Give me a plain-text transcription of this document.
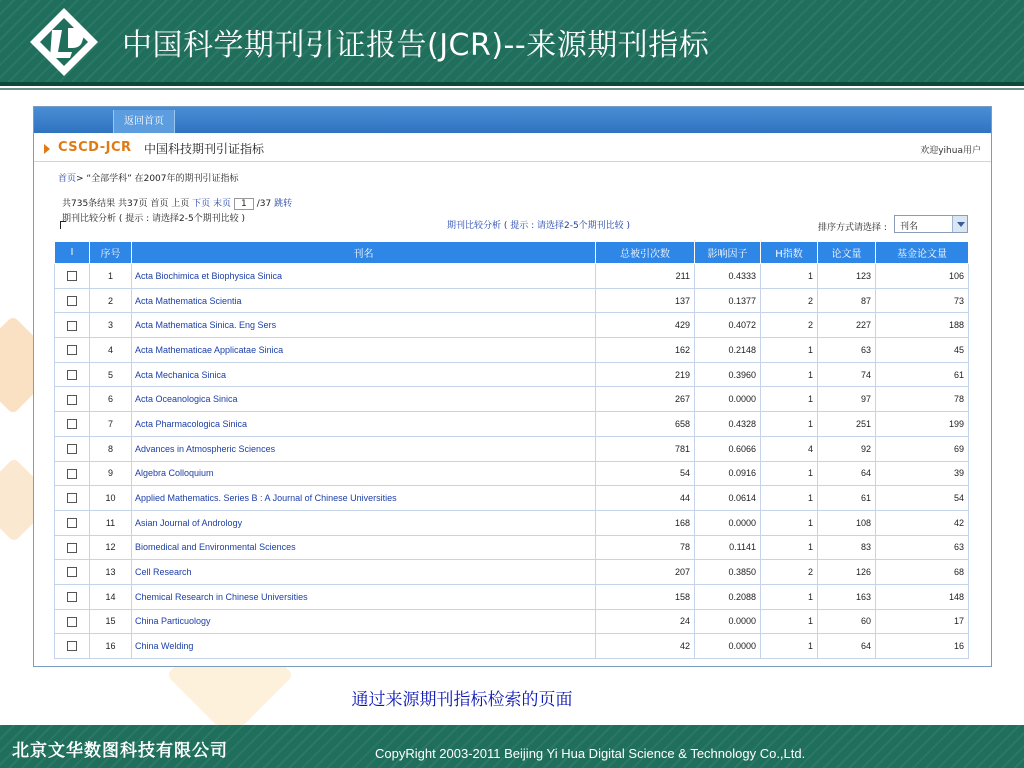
中国科学期刊引证报告(JCR)--来源期刊指标
返回首页
CSCD-JCR 中国科技期刊引证指标	欢迎yihua用户
首页> “全部学科” 在2007年的期刊引证指标
共735条结果 共37页 首页 上页 下页 末页 1 /37 跳转
期刊比较分析 ( 提示 : 请选择2-5个期刊比较 )
期刊比较分析 ( 提示 : 请选择2-5个期刊比较 )	排序方式请选择 : 刊名
I	序号	刊名	总被引次数	影响因子	H指数	论文量	基金论文量
	1	Acta Biochimica et Biophysica Sinica	211	0.4333	1	123	106
	2	Acta Mathematica Scientia	137	0.1377	2	87	73
	3	Acta Mathematica Sinica. Eng Sers	429	0.4072	2	227	188
	4	Acta Mathematicae Applicatae Sinica	162	0.2148	1	63	45
	5	Acta Mechanica Sinica	219	0.3960	1	74	61
	6	Acta Oceanologica Sinica	267	0.0000	1	97	78
	7	Acta Pharmacologica Sinica	658	0.4328	1	251	199
	8	Advances in Atmospheric Sciences	781	0.6066	4	92	69
	9	Algebra Colloquium	54	0.0916	1	64	39
	10	Applied Mathematics. Series B : A Journal of Chinese Universities	44	0.0614	1	61	54
	11	Asian Journal of Andrology	168	0.0000	1	108	42
	12	Biomedical and Environmental Sciences	78	0.1141	1	83	63
	13	Cell Research	207	0.3850	2	126	68
	14	Chemical Research in Chinese Universities	158	0.2088	1	163	148
	15	China Particuology	24	0.0000	1	60	17
	16	China Welding	42	0.0000	1	64	16
通过来源期刊指标检索的页面
北京文华数图科技有限公司	CopyRight 2003-2011 Beijing Yi Hua Digital Science & Technology Co.,Ltd.
